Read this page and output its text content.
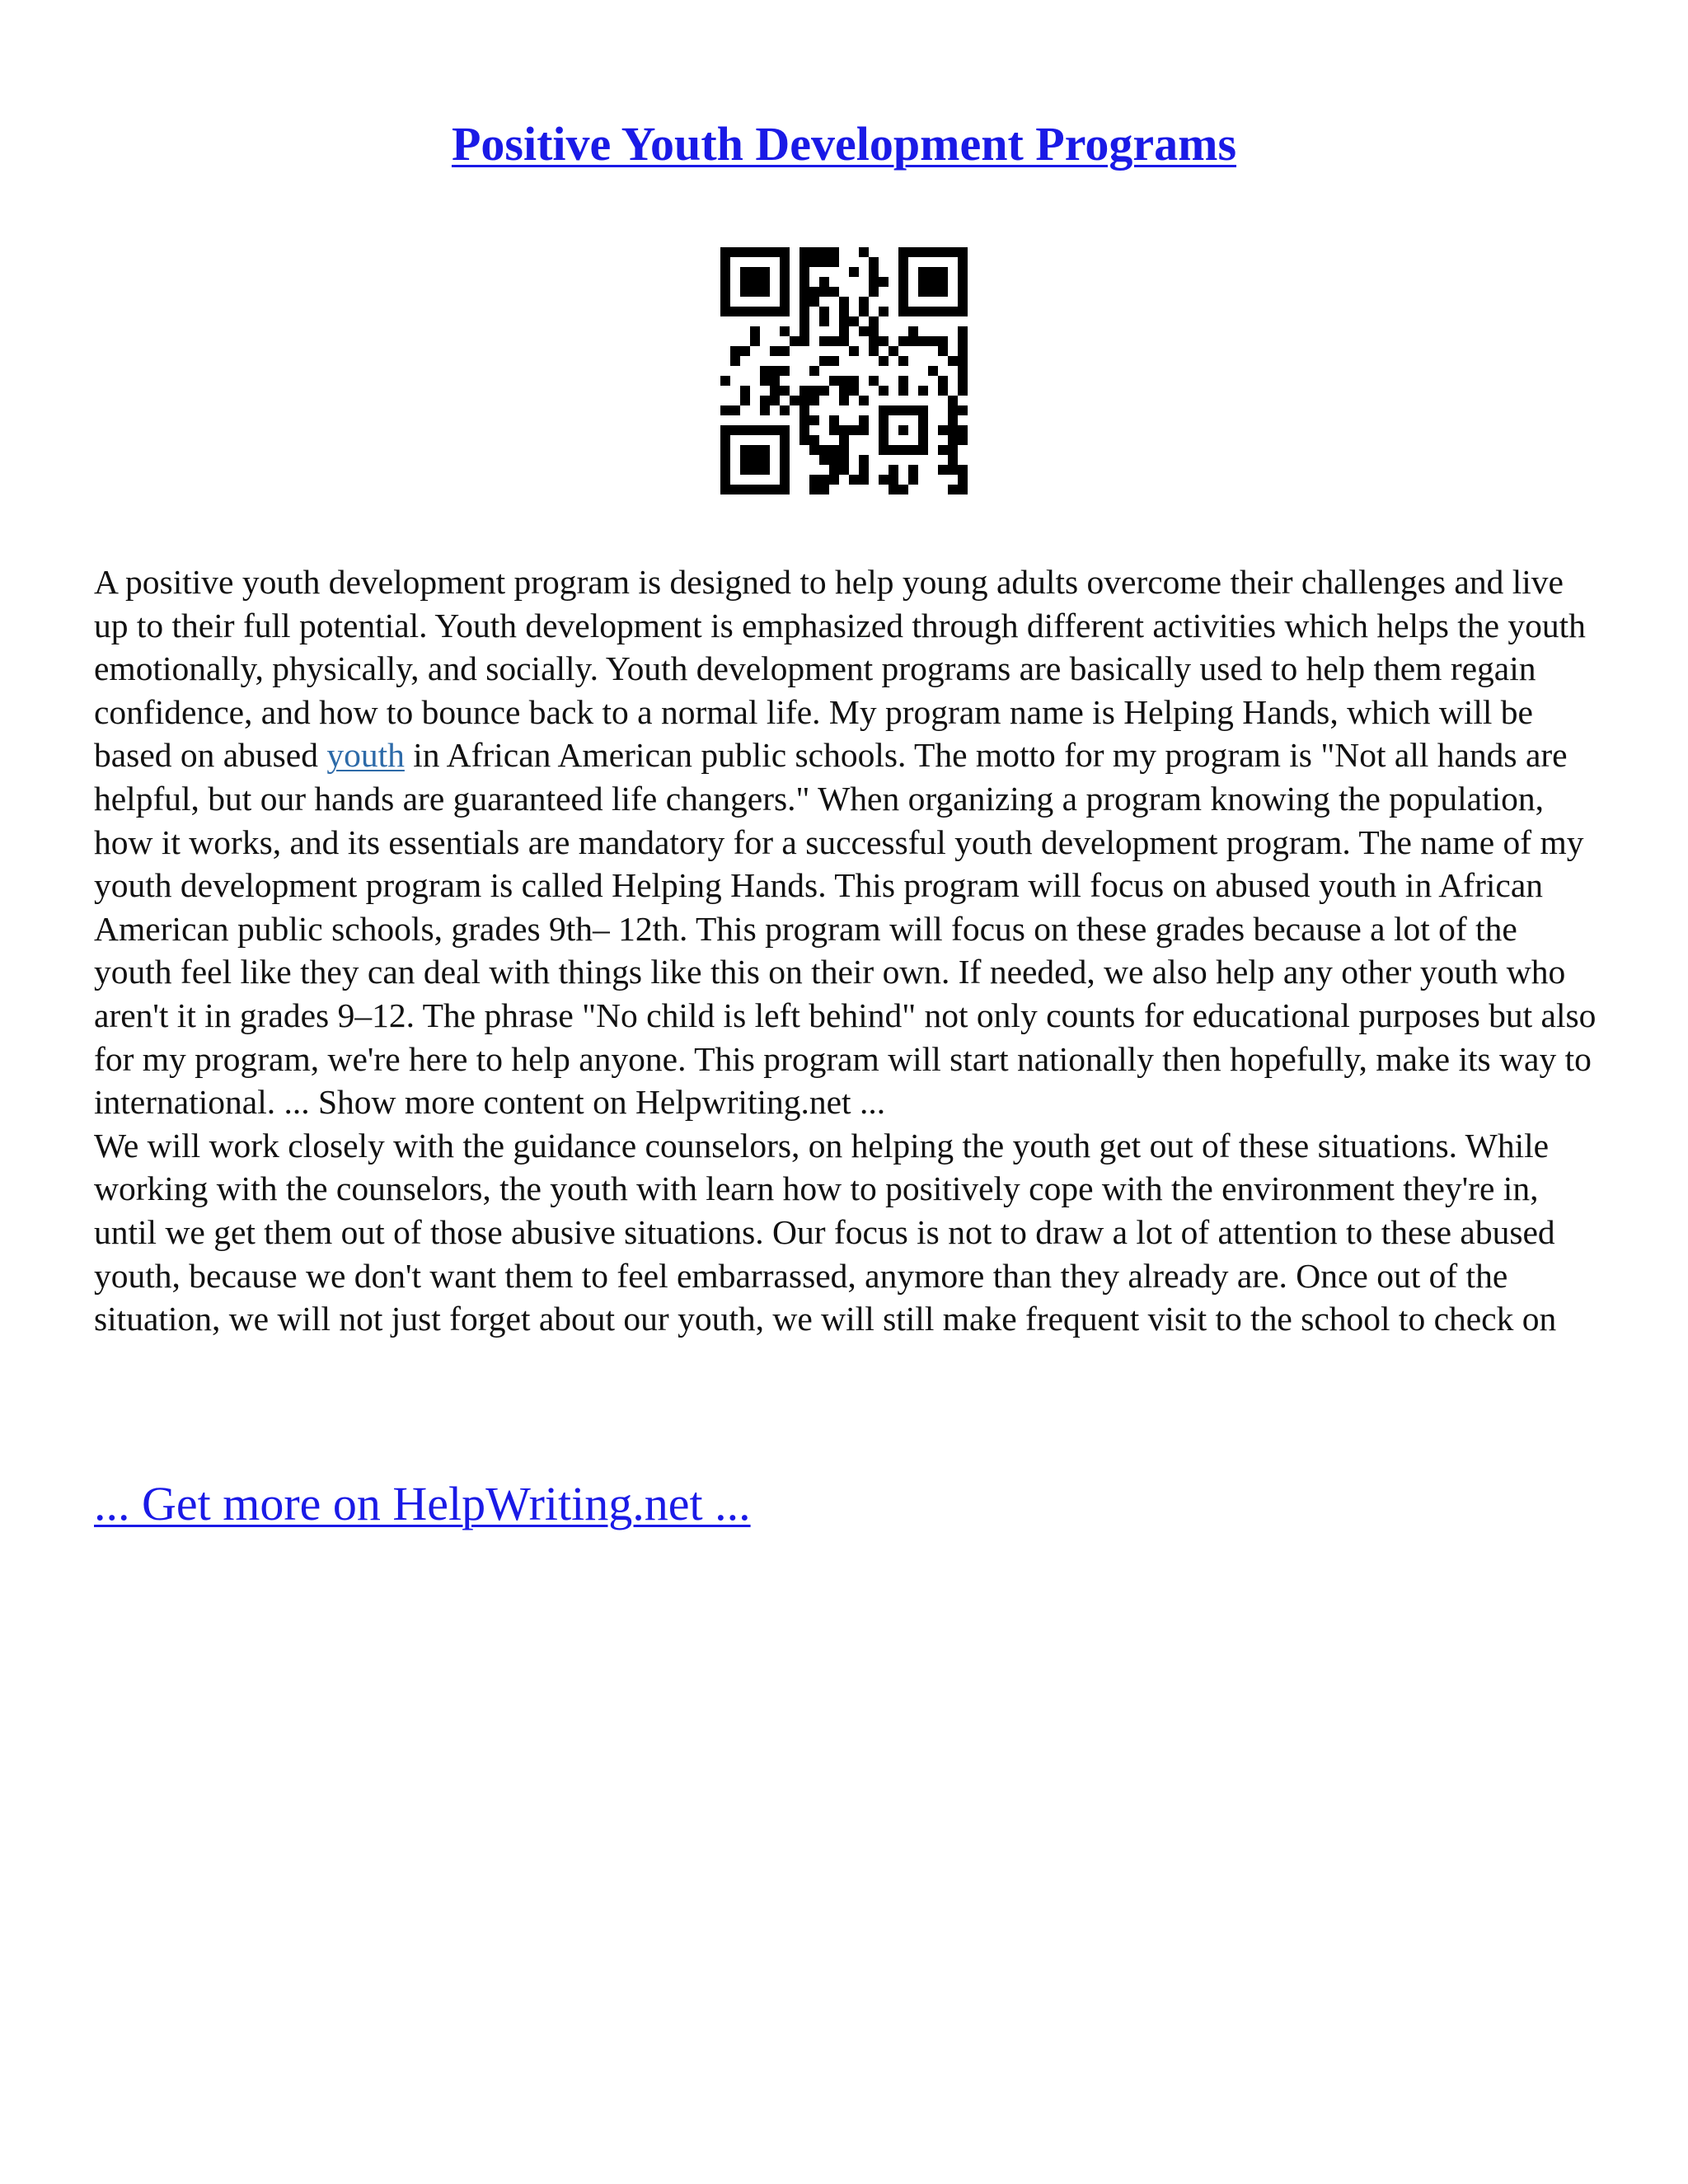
Positive Youth Development Programs

A positive youth development program is designed to help young adults overcome their challenges and live up to their full potential. Youth development is emphasized through different activities which helps the youth emotionally, physically, and socially. Youth development programs are basically used to help them regain confidence, and how to bounce back to a normal life. My program name is Helping Hands, which will be based on abused youth in African American public schools. The motto for my program is "Not all hands are helpful, but our hands are guaranteed life changers." When organizing a program knowing the population, how it works, and its essentials are mandatory for a successful youth development program. The name of my youth development program is called Helping Hands. This program will focus on abused youth in African American public schools, grades 9th– 12th. This program will focus on these grades because a lot of the youth feel like they can deal with things like this on their own. If needed, we also help any other youth who aren't it in grades 9–12. The phrase "No child is left behind" not only counts for educational purposes but also for my program, we're here to help anyone. This program will start nationally then hopefully, make its way to international. ... Show more content on Helpwriting.net ...

We will work closely with the guidance counselors, on helping the youth get out of these situations. While working with the counselors, the youth with learn how to positively cope with the environment they're in, until we get them out of those abusive situations. Our focus is not to draw a lot of attention to these abused youth, because we don't want them to feel embarrassed, anymore than they already are. Once out of the situation, we will not just forget about our youth, we will still make frequent visit to the school to check on

... Get more on HelpWriting.net ...
